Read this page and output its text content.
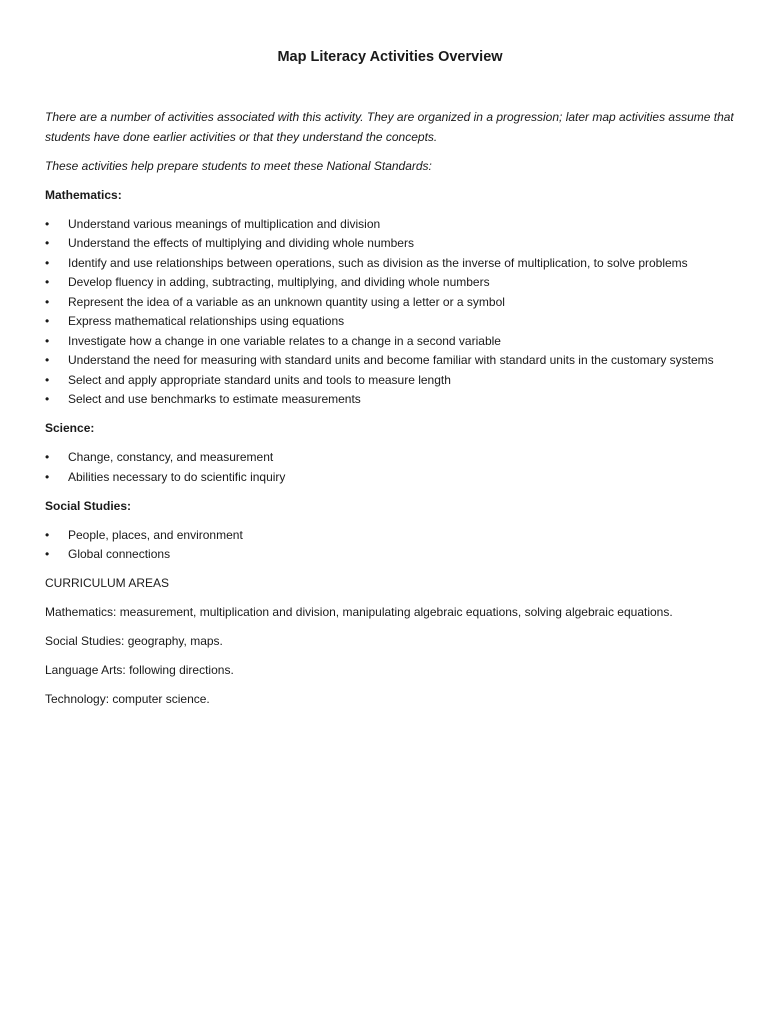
Map Literacy Activities Overview

There are a number of activities associated with this activity. They are organized in a progression; later map activities assume that students have done earlier activities or that they understand the concepts.

These activities help prepare students to meet these National Standards:

Mathematics:

•	Understand various meanings of multiplication and division
•	Understand the effects of multiplying and dividing whole numbers
•	Identify and use relationships between operations, such as division as the inverse of multiplication, to solve problems
•	Develop fluency in adding, subtracting, multiplying, and dividing whole numbers
•	Represent the idea of a variable as an unknown quantity using a letter or a symbol
•	Express mathematical relationships using equations
•	Investigate how a change in one variable relates to a change in a second variable
•	Understand the need for measuring with standard units and become familiar with standard units in the customary systems
•	Select and apply appropriate standard units and tools to measure length
•	Select and use benchmarks to estimate measurements

Science:

•	Change, constancy, and measurement
•	Abilities necessary to do scientific inquiry

Social Studies:

•	People, places, and environment
•	Global connections

CURRICULUM AREAS

Mathematics: measurement, multiplication and division, manipulating algebraic equations, solving algebraic equations.

Social Studies: geography, maps.

Language Arts: following directions.

Technology: computer science.
